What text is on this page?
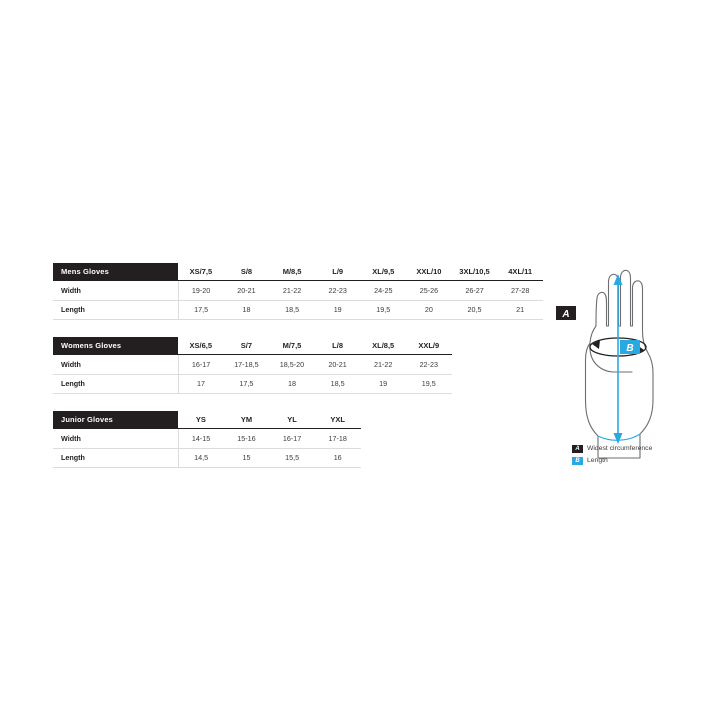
Mens Gloves	XS/7,5	S/8	M/8,5	L/9	XL/9,5	XXL/10	3XL/10,5	4XL/11
Width	19-20	20-21	21-22	22-23	24-25	25-26	26-27	27-28
Length	17,5	18	18,5	19	19,5	20	20,5	21
Womens Gloves	XS/6,5	S/7	M/7,5	L/8	XL/8,5	XXL/9		
Width	16-17	17-18,5	18,5-20	20-21	21-22	22-23		
Length	17	17,5	18	18,5	19	19,5		
Junior Gloves	YS	YM	YL	YXL				
Width	14-15	15-16	16-17	17-18				
Length	14,5	15	15,5	16				
A
B
A	Widest circumference
B	Length
